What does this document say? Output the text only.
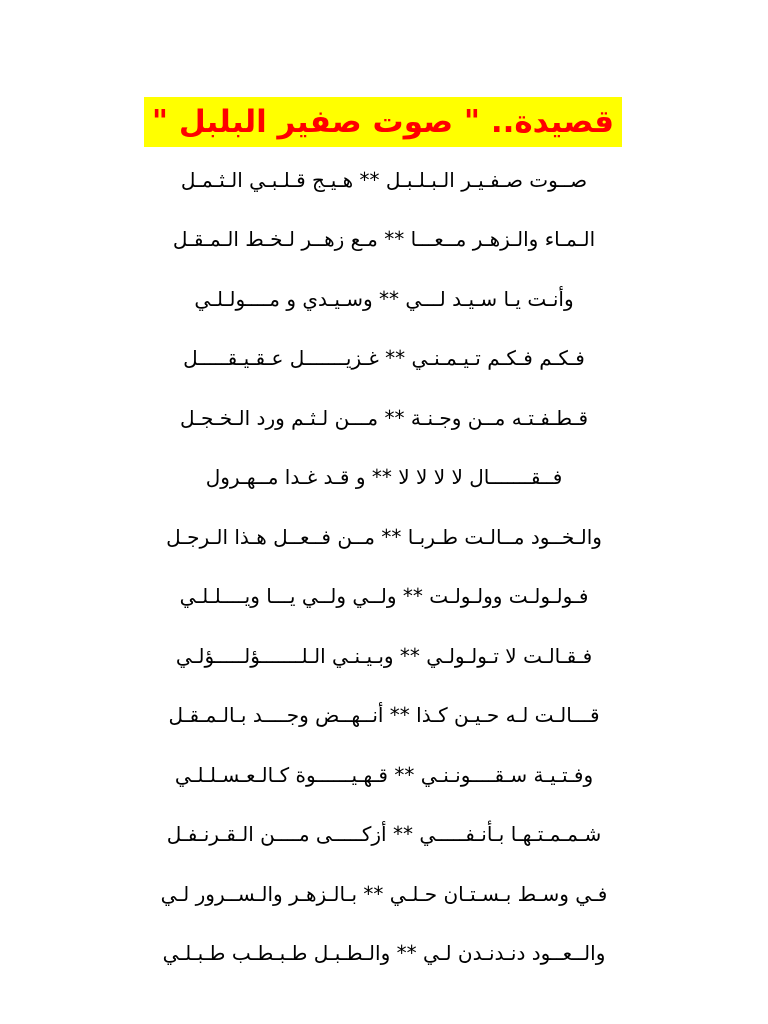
قصيدة.. " صوت صفير البلبل "
صــوت صـفـيـر الـبـلـبـل ** هـيـج قـلـبـي الـثـمـل
الـمـاء والـزهـر مــعـــا ** مـع زهــر لـخـط الـمـقـل
وأنـت يـا سـيـد لـــي ** وسـيـدي و مــــولـلـي
فـكـم فـكـم تـيـمـنـي ** غـزيـــــــل عـقـيـقـــــل
قـطـفـتـه مــن وجـنـة ** مـــن لـثـم ورد الـخـجـل
فــقـــــــال لا لا لا لا ** و قـد غـدا مــهـرول
والـخــود مــالـت طـربـا ** مــن فــعــل هـذا الـرجـل
فـولـولـت وولـولـت ** ولــي ولــي يـــا ويــــلـلـي
فـقـالـت لا تـولـولـي ** وبـيـنـي الـلـــــــؤلـــــؤلـي
قـــالـت لـه حـيـن كـذا ** أنــهــض وجــــد بـالـمـقـل
وفـتـيـة سـقــــونـنـي ** قـهـيــــــوة كـالـعـسـلـلـي
شـمـمـتـهـا بـأنـفـــــي ** أزكـــــى مــــن الـقـرنـفـل
فـي وسـط بـسـتـان حـلـي ** بـالـزهـر والـســرور لـي
والــعــود دنـدنـدن لـي ** والـطـبـل طـبـطـب طـبـلـي
